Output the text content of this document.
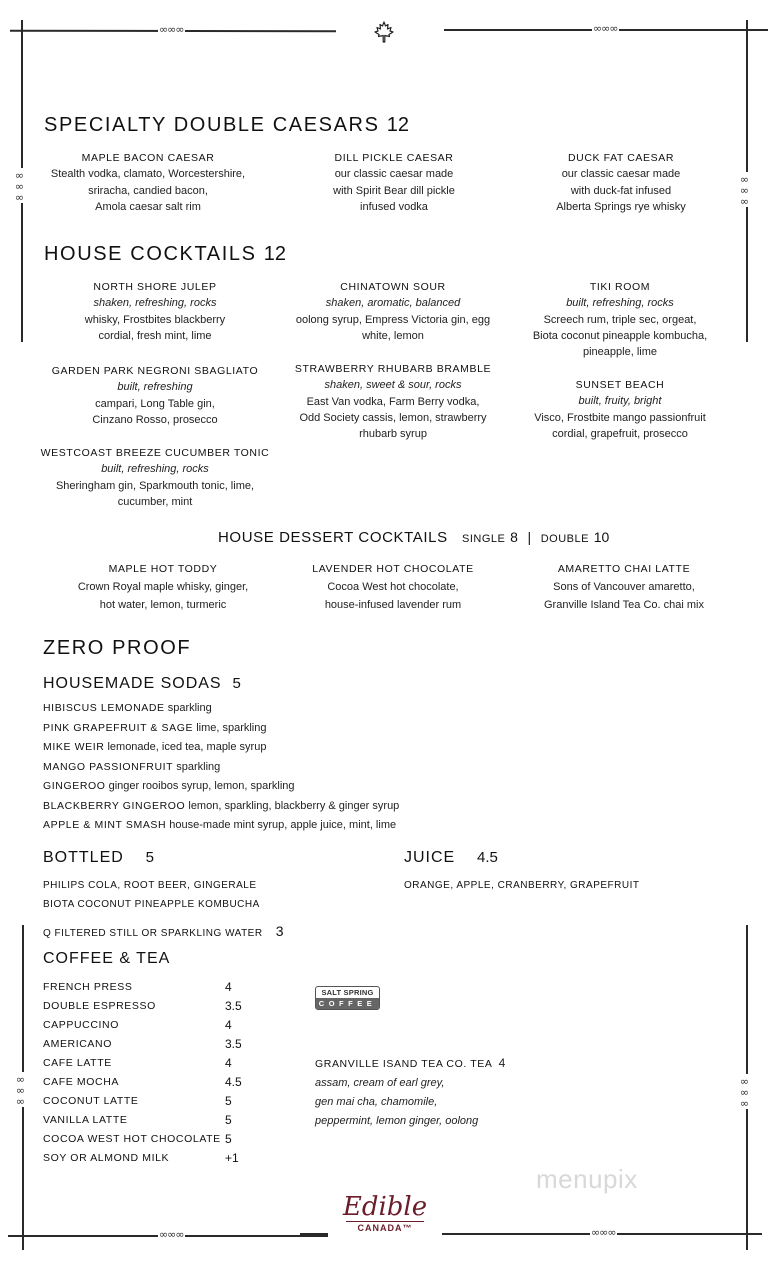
∞∞∞	∞∞∞
∞∞∞	∞∞∞
∞∞∞	∞∞∞
∞∞∞	∞∞∞
SPECIALTY DOUBLE CAESARS 12
MAPLE BACON CAESAR
Stealth vodka, clamato, Worcestershire,
sriracha, candied bacon,
Amola caesar salt rim
DILL PICKLE CAESAR
our classic caesar made
with Spirit Bear dill pickle
infused vodka
DUCK FAT CAESAR
our classic caesar made
with duck-fat infused
Alberta Springs rye whisky
HOUSE COCKTAILS 12
NORTH SHORE JULEP
shaken, refreshing, rocks
whisky, Frostbites blackberry
cordial, fresh mint, lime
CHINATOWN SOUR
shaken, aromatic, balanced
oolong syrup, Empress Victoria gin, egg
white, lemon
TIKI ROOM
built, refreshing, rocks
Screech rum, triple sec, orgeat,
Biota coconut pineapple kombucha,
pineapple, lime
GARDEN PARK NEGRONI SBAGLIATO
built, refreshing
campari, Long Table gin,
Cinzano Rosso, prosecco
STRAWBERRY RHUBARB BRAMBLE
shaken, sweet & sour, rocks
East Van vodka, Farm Berry vodka,
Odd Society cassis, lemon, strawberry
rhubarb syrup
SUNSET BEACH
built, fruity, bright
Visco, Frostbite mango passionfruit
cordial, grapefruit, prosecco
WESTCOAST BREEZE CUCUMBER TONIC
built, refreshing, rocks
Sheringham gin, Sparkmouth tonic, lime,
cucumber, mint
HOUSE DESSERT COCKTAILS SINGLE 8 | DOUBLE 10
MAPLE HOT TODDY
Crown Royal maple whisky, ginger,
hot water, lemon, turmeric
LAVENDER HOT CHOCOLATE
Cocoa West hot chocolate,
house-infused lavender rum
AMARETTO CHAI LATTE
Sons of Vancouver amaretto,
Granville Island Tea Co. chai mix
ZERO PROOF
HOUSEMADE SODAS 5
HIBISCUS LEMONADE sparkling
PINK GRAPEFRUIT & SAGE lime, sparkling
MIKE WEIR lemonade, iced tea, maple syrup
MANGO PASSIONFRUIT sparkling
GINGEROO ginger rooibos syrup, lemon, sparkling
BLACKBERRY GINGEROO lemon, sparkling, blackberry & ginger syrup
APPLE & MINT SMASH house-made mint syrup, apple juice, mint, lime
BOTTLED 5
PHILIPS COLA, ROOT BEER, GINGERALE
BIOTA COCONUT PINEAPPLE KOMBUCHA
Q FILTERED STILL OR SPARKLING WATER 3
JUICE 4.5
ORANGE, APPLE, CRANBERRY, GRAPEFRUIT
COFFEE & TEA
FRENCH PRESS	4
DOUBLE ESPRESSO	3.5
CAPPUCCINO	4
AMERICANO	3.5
CAFE LATTE	4
CAFE MOCHA	4.5
COCONUT LATTE	5
VANILLA LATTE	5
COCOA WEST HOT CHOCOLATE 5
SOY OR ALMOND MILK	+1
SALT SPRING
COFFEE
GRANVILLE ISAND TEA CO. TEA 4
assam, cream of earl grey,
gen mai cha, chamomile,
peppermint, lemon ginger, oolong
menupix
Edible
CANADA™
